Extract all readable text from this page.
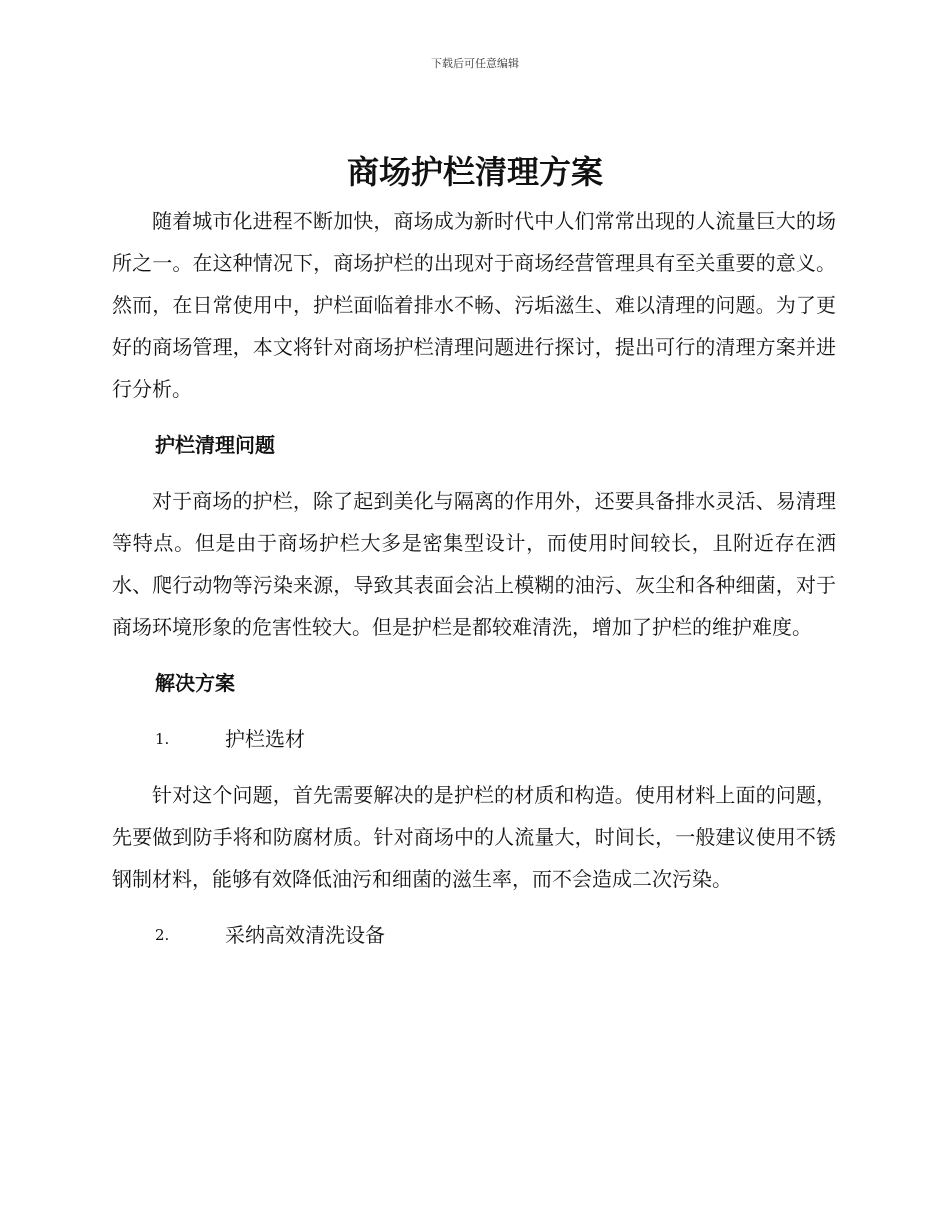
下载后可任意编辑
商场护栏清理方案

随着城市化进程不断加快，商场成为新时代中人们常常出现的人流量巨大的场所之一。在这种情况下，商场护栏的出现对于商场经营管理具有至关重要的意义。然而，在日常使用中，护栏面临着排水不畅、污垢滋生、难以清理的问题。为了更好的商场管理，本文将针对商场护栏清理问题进行探讨，提出可行的清理方案并进行分析。

护栏清理问题

对于商场的护栏，除了起到美化与隔离的作用外，还要具备排水灵活、易清理等特点。但是由于商场护栏大多是密集型设计，而使用时间较长，且附近存在洒水、爬行动物等污染来源，导致其表面会沾上模糊的油污、灰尘和各种细菌，对于商场环境形象的危害性较大。但是护栏是都较难清洗，增加了护栏的维护难度。

解决方案

1.	护栏选材

针对这个问题，首先需要解决的是护栏的材质和构造。使用材料上面的问题，先要做到防手将和防腐材质。针对商场中的人流量大，时间长，一般建议使用不锈钢制材料，能够有效降低油污和细菌的滋生率，而不会造成二次污染。

2.	采纳高效清洗设备
